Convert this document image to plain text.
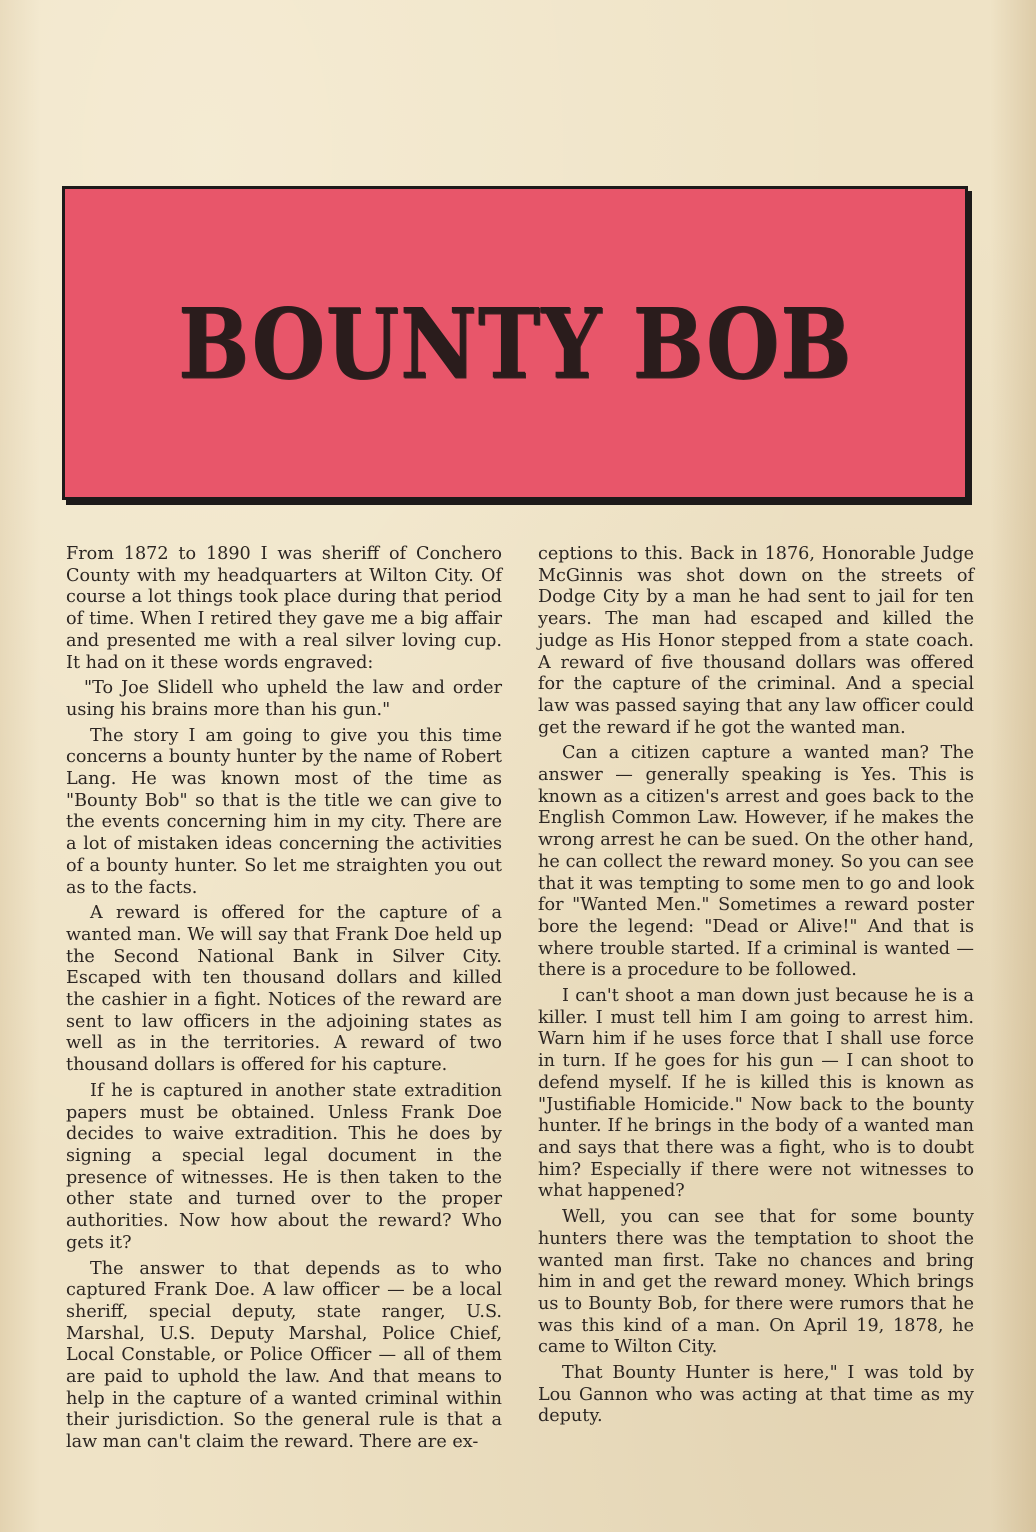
BOUNTY BOB

From 1872 to 1890 I was sheriff of Conchero County with my headquarters at Wilton City. Of course a lot things took place during that period of time. When I retired they gave me a big affair and presented me with a real silver loving cup. It had on it these words engraved:

"To Joe Slidell who upheld the law and order using his brains more than his gun."

The story I am going to give you this time concerns a bounty hunter by the name of Robert Lang. He was known most of the time as "Bounty Bob" so that is the title we can give to the events concerning him in my city. There are a lot of mistaken ideas concerning the activities of a bounty hunter. So let me straighten you out as to the facts.

A reward is offered for the capture of a wanted man. We will say that Frank Doe held up the Second National Bank in Silver City. Escaped with ten thousand dollars and killed the cashier in a fight. Notices of the reward are sent to law officers in the adjoining states as well as in the territories. A reward of two thousand dollars is offered for his capture.

If he is captured in another state extradition papers must be obtained. Unless Frank Doe decides to waive extradition. This he does by signing a special legal document in the presence of witnesses. He is then taken to the other state and turned over to the proper authorities. Now how about the reward? Who gets it?

The answer to that depends as to who captured Frank Doe. A law officer — be a local sheriff, special deputy, state ranger, U.S. Marshal, U.S. Deputy Marshal, Police Chief, Local Constable, or Police Officer — all of them are paid to uphold the law. And that means to help in the capture of a wanted criminal within their jurisdiction. So the general rule is that a law man can't claim the reward. There are ex-

ceptions to this. Back in 1876, Honorable Judge McGinnis was shot down on the streets of Dodge City by a man he had sent to jail for ten years. The man had escaped and killed the judge as His Honor stepped from a state coach. A reward of five thousand dollars was offered for the capture of the criminal. And a special law was passed saying that any law officer could get the reward if he got the wanted man.

Can a citizen capture a wanted man? The answer — generally speaking is Yes. This is known as a citizen's arrest and goes back to the English Common Law. However, if he makes the wrong arrest he can be sued. On the other hand, he can collect the reward money. So you can see that it was tempting to some men to go and look for "Wanted Men." Sometimes a reward poster bore the legend: "Dead or Alive!" And that is where trouble started. If a criminal is wanted — there is a procedure to be followed.

I can't shoot a man down just because he is a killer. I must tell him I am going to arrest him. Warn him if he uses force that I shall use force in turn. If he goes for his gun — I can shoot to defend myself. If he is killed this is known as "Justifiable Homicide." Now back to the bounty hunter. If he brings in the body of a wanted man and says that there was a fight, who is to doubt him? Especially if there were not witnesses to what happened?

Well, you can see that for some bounty hunters there was the temptation to shoot the wanted man first. Take no chances and bring him in and get the reward money. Which brings us to Bounty Bob, for there were rumors that he was this kind of a man. On April 19, 1878, he came to Wilton City.

That Bounty Hunter is here," I was told by Lou Gannon who was acting at that time as my deputy.
